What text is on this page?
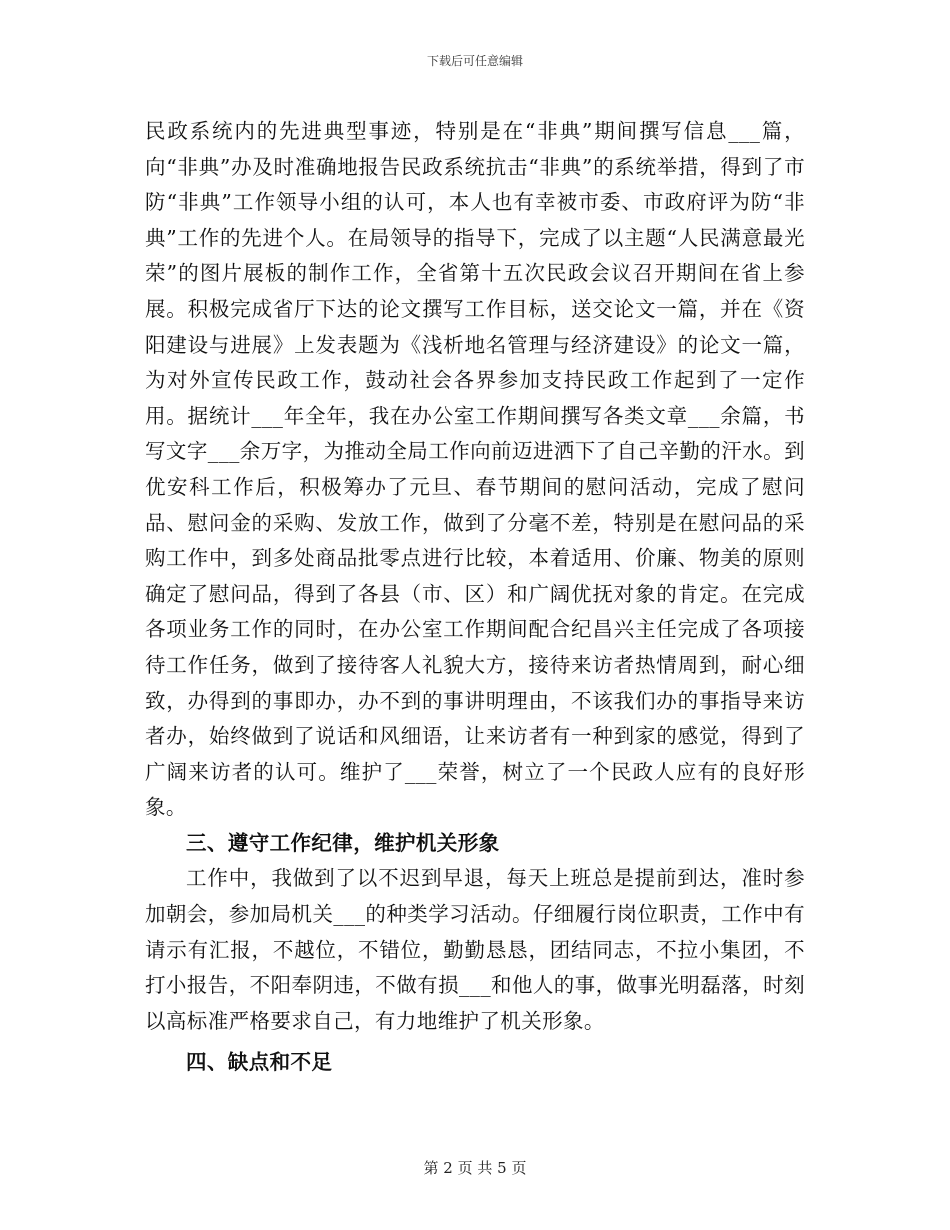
下载后可任意编辑

民政系统内的先进典型事迹，特别是在“非典”期间撰写信息___篇，向“非典”办及时准确地报告民政系统抗击“非典”的系统举措，得到了市防“非典”工作领导小组的认可，本人也有幸被市委、市政府评为防“非典”工作的先进个人。在局领导的指导下，完成了以主题“人民满意最光荣”的图片展板的制作工作，全省第十五次民政会议召开期间在省上参展。积极完成省厅下达的论文撰写工作目标，送交论文一篇，并在《资阳建设与进展》上发表题为《浅析地名管理与经济建设》的论文一篇，为对外宣传民政工作，鼓动社会各界参加支持民政工作起到了一定作用。据统计___年全年，我在办公室工作期间撰写各类文章___余篇，书写文字___余万字，为推动全局工作向前迈进洒下了自己辛勤的汗水。到优安科工作后，积极筹办了元旦、春节期间的慰问活动，完成了慰问品、慰问金的采购、发放工作，做到了分毫不差，特别是在慰问品的采购工作中，到多处商品批零点进行比较，本着适用、价廉、物美的原则确定了慰问品，得到了各县（市、区）和广阔优抚对象的肯定。在完成各项业务工作的同时，在办公室工作期间配合纪昌兴主任完成了各项接待工作任务，做到了接待客人礼貌大方，接待来访者热情周到，耐心细致，办得到的事即办，办不到的事讲明理由，不该我们办的事指导来访者办，始终做到了说话和风细语，让来访者有一种到家的感觉，得到了广阔来访者的认可。维护了___荣誉，树立了一个民政人应有的良好形象。

三、遵守工作纪律，维护机关形象

工作中，我做到了以不迟到早退，每天上班总是提前到达，准时参加朝会，参加局机关___的种类学习活动。仔细履行岗位职责，工作中有请示有汇报，不越位，不错位，勤勤恳恳，团结同志，不拉小集团，不打小报告，不阳奉阴违，不做有损___和他人的事，做事光明磊落，时刻以高标准严格要求自己，有力地维护了机关形象。

四、缺点和不足

第 2 页 共 5 页
